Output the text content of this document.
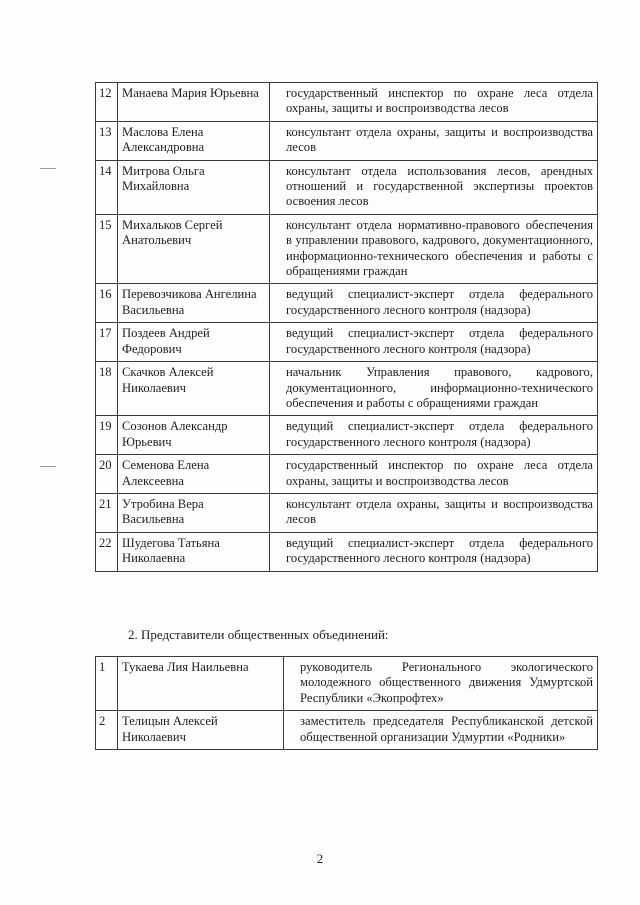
12	Манаева Мария Юрьевна	государственный инспектор по охране леса отдела охраны, защиты и воспроизводства лесов
13	Маслова Елена Александровна	консультант отдела охраны, защиты и воспроизводства лесов
14	Митрова Ольга Михайловна	консультант отдела использования лесов, арендных отношений и государственной экспертизы проектов освоения лесов
15	Михальков Сергей Анатольевич	консультант отдела нормативно-правового обеспечения в управлении правового, кадрового, документационного, информационно-технического обеспечения и работы с обращениями граждан
16	Перевозчикова Ангелина Васильевна	ведущий специалист-эксперт отдела федерального государственного лесного контроля (надзора)
17	Поздеев Андрей Федорович	ведущий специалист-эксперт отдела федерального государственного лесного контроля (надзора)
18	Скачков Алексей Николаевич	начальник Управления правового, кадрового, документационного, информационно-технического обеспечения и работы с обращениями граждан
19	Созонов Александр Юрьевич	ведущий специалист-эксперт отдела федерального государственного лесного контроля (надзора)
20	Семенова Елена Алексеевна	государственный инспектор по охране леса отдела охраны, защиты и воспроизводства лесов
21	Утробина Вера Васильевна	консультант отдела охраны, защиты и воспроизводства лесов
22	Шудегова Татьяна Николаевна	ведущий специалист-эксперт отдела федерального государственного лесного контроля (надзора)
2. Представители общественных объединений:
1	Тукаева Лия Наильевна	руководитель Регионального экологического молодежного общественного движения Удмуртской Республики «Экопрофтех»
2	Телицын Алексей Николаевич	заместитель председателя Республиканской детской общественной организации Удмуртии «Родники»
2
